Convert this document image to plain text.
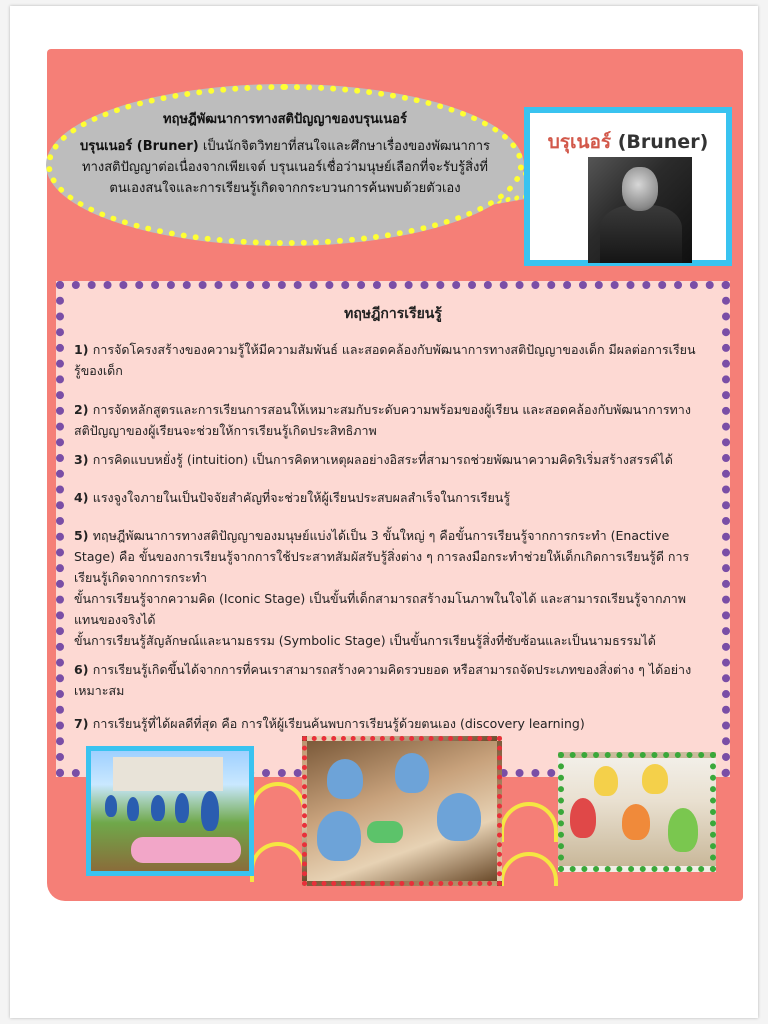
ทฤษฎีพัฒนาการทางสติปัญญาของบรุนเนอร์
บรุนเนอร์ (Bruner) เป็นนักจิตวิทยาที่สนใจและศึกษาเรื่องของพัฒนาการ
ทางสติปัญญาต่อเนื่องจากเพียเจต์ บรุนเนอร์เชื่อว่ามนุษย์เลือกที่จะรับรู้สิ่งที่
ตนเองสนใจและการเรียนรู้เกิดจากกระบวนการค้นพบด้วยตัวเอง
บรุเนอร์ (Bruner)
ทฤษฎีการเรียนรู้
1) การจัดโครงสร้างของความรู้ให้มีความสัมพันธ์ และสอดคล้องกับพัฒนาการทางสติปัญญาของเด็ก มีผลต่อการเรียน
รู้ของเด็ก
2) การจัดหลักสูตรและการเรียนการสอนให้เหมาะสมกับระดับความพร้อมของผู้เรียน และสอดคล้องกับพัฒนาการทาง
สติปัญญาของผู้เรียนจะช่วยให้การเรียนรู้เกิดประสิทธิภาพ
3) การคิดแบบหยั่งรู้ (intuition) เป็นการคิดหาเหตุผลอย่างอิสระที่สามารถช่วยพัฒนาความคิดริเริ่มสร้างสรรค์ได้
4) แรงจูงใจภายในเป็นปัจจัยสำคัญที่จะช่วยให้ผู้เรียนประสบผลสำเร็จในการเรียนรู้
5) ทฤษฎีพัฒนาการทางสติปัญญาของมนุษย์แบ่งได้เป็น 3 ขั้นใหญ่ ๆ คือขั้นการเรียนรู้จากการกระทำ (Enactive
Stage) คือ ขั้นของการเรียนรู้จากการใช้ประสาทสัมผัสรับรู้สิ่งต่าง ๆ การลงมือกระทำช่วยให้เด็กเกิดการเรียนรู้ดี การ
เรียนรู้เกิดจากการกระทำ
ขั้นการเรียนรู้จากความคิด (Iconic Stage) เป็นขั้นที่เด็กสามารถสร้างมโนภาพในใจได้ และสามารถเรียนรู้จากภาพ
แทนของจริงได้
ขั้นการเรียนรู้สัญลักษณ์และนามธรรม (Symbolic Stage) เป็นขั้นการเรียนรู้สิ่งที่ซับซ้อนและเป็นนามธรรมได้
6) การเรียนรู้เกิดขึ้นได้จากการที่คนเราสามารถสร้างความคิดรวบยอด หรือสามารถจัดประเภทของสิ่งต่าง ๆ ได้อย่าง
เหมาะสม
7) การเรียนรู้ที่ได้ผลดีที่สุด คือ การให้ผู้เรียนค้นพบการเรียนรู้ด้วยตนเอง (discovery learning)
